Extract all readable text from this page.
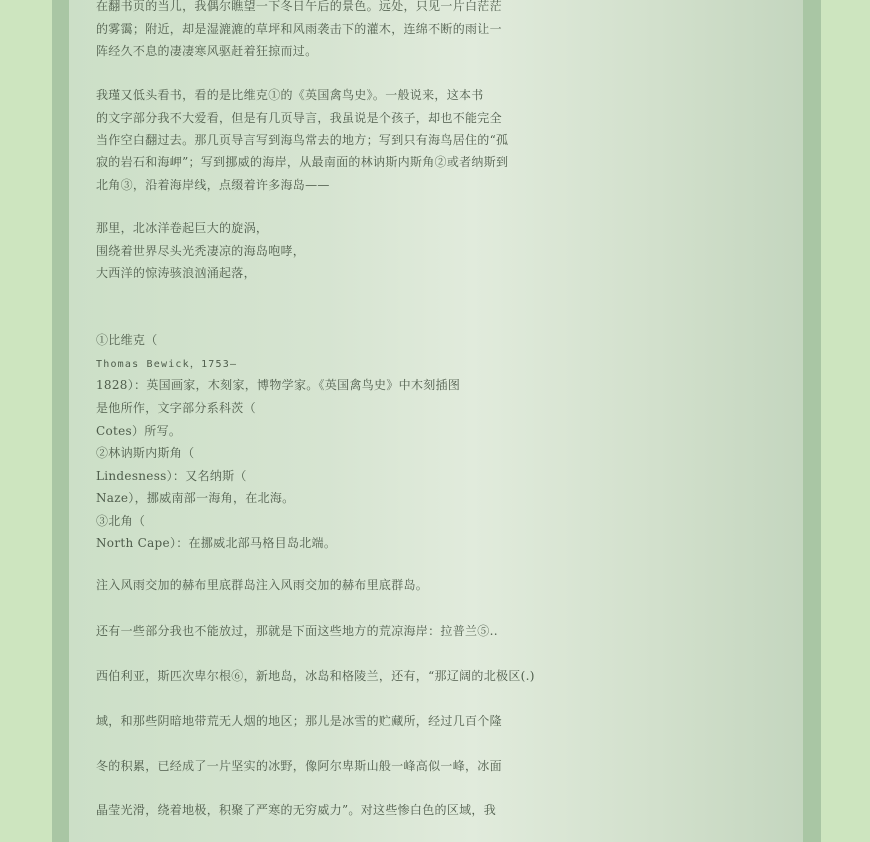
在翻书页的当儿，我偶尔瞧望一下冬日午后的景色。远处，只见一片白茫茫
的雾霭；附近，却是湿漉漉的草坪和风雨袭击下的灌木，连绵不断的雨让一
阵经久不息的凄凄寒风驱赶着狂掠而过。
我瑾又低头看书，看的是比维克①的《英国禽鸟史》。一般说来，这本书
的文字部分我不大爱看，但是有几页导言，我虽说是个孩子，却也不能完全
当作空白翻过去。那几页导言写到海鸟常去的地方；写到只有海鸟居住的“孤
寂的岩石和海岬”；写到挪威的海岸，从最南面的林讷斯内斯角②或者纳斯到
北角③，沿着海岸线，点缀着许多海岛——
那里，北冰洋卷起巨大的旋涡，
围绕着世界尽头光秃凄凉的海岛咆哮，
大西洋的惊涛骇浪汹涌起落，
①比维克（
Thomas Bewick，1753—
1828）：英国画家，木刻家，博物学家。《英国禽鸟史》中木刻插图
是他所作，文字部分系科茨（
Cotes）所写。
②林讷斯内斯角（
Lindesness）：又名纳斯（
Naze），挪威南部一海角，在北海。
③北角（
North Cape）：在挪威北部马格目岛北端。
注入风雨交加的赫布里底群岛注入风雨交加的赫布里底群岛。
还有一些部分我也不能放过，那就是下面这些地方的荒凉海岸：拉普兰⑤..
西伯利亚，斯匹次卑尔根⑥，新地岛，冰岛和格陵兰，还有，“那辽阔的北极区(.)
域，和那些阴暗地带荒无人烟的地区；那儿是冰雪的贮藏所，经过几百个隆
冬的积累，已经成了一片坚实的冰野，像阿尔卑斯山般一峰高似一峰，冰面
晶莹光滑，绕着地极，积聚了严寒的无穷威力”。对这些惨白色的区域，我
